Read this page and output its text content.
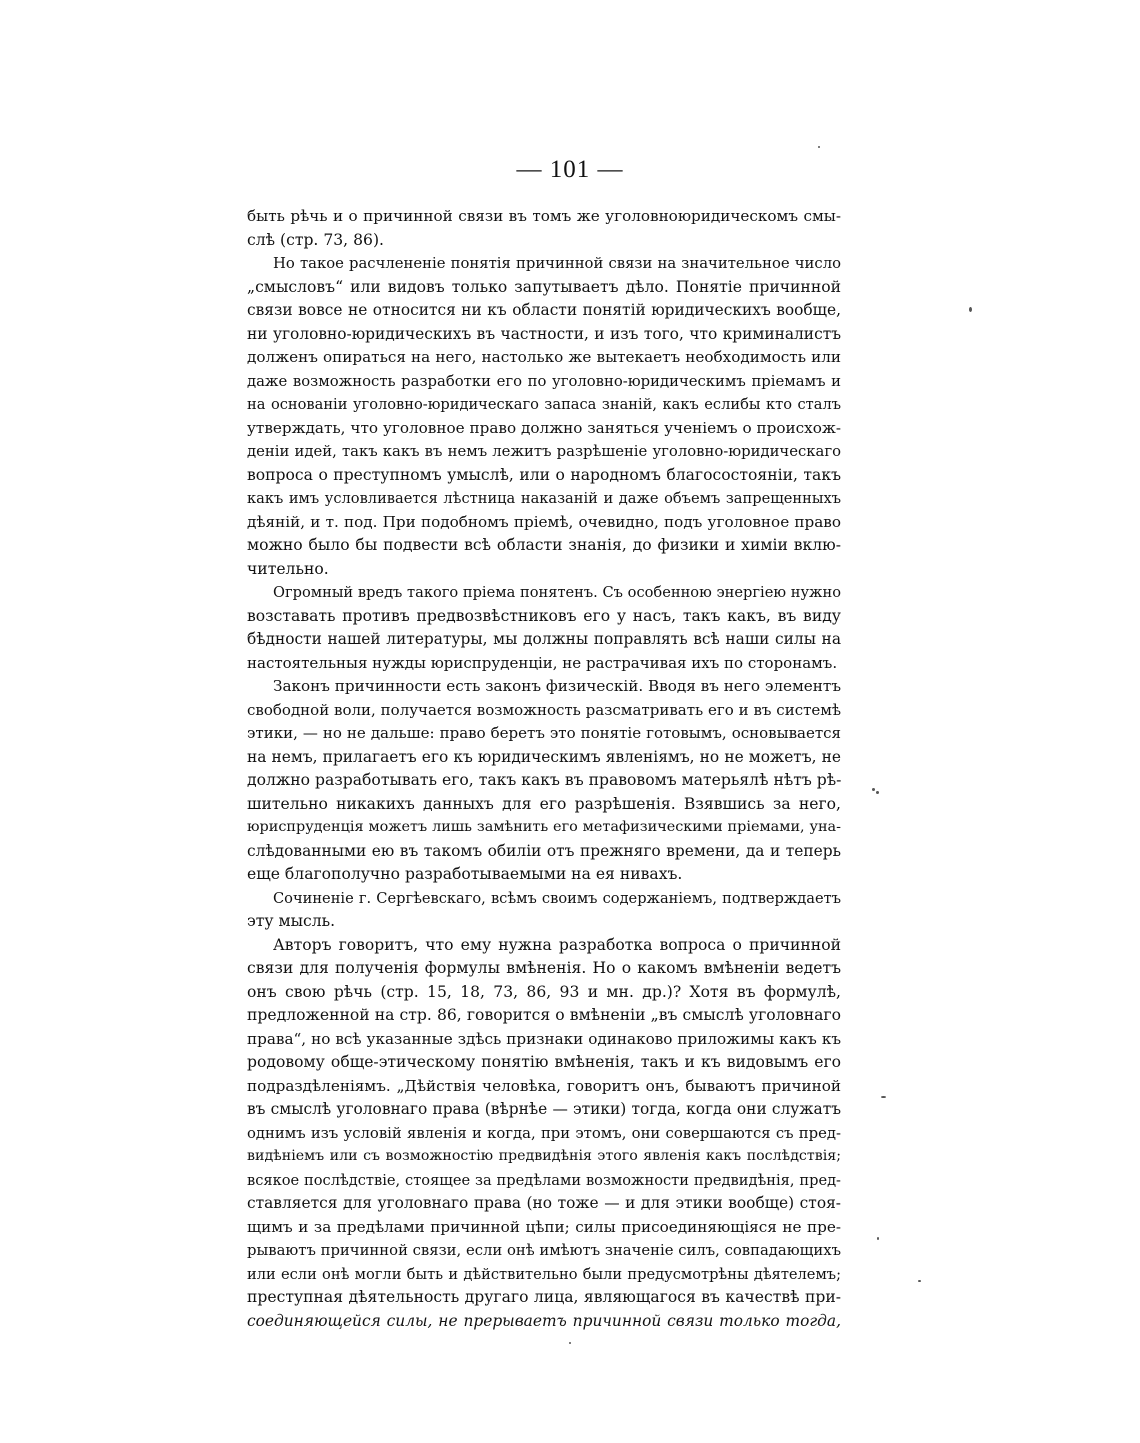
— 101 —
быть рѣчь и о причинной связи въ томъ же уголовноюридическомъ смы-
слѣ (стр. 73, 86).
Но такое расчлененіе понятія причинной связи на значительное число
„смысловъ“ или видовъ только запутываетъ дѣло. Понятіе причинной
связи вовсе не относится ни къ области понятій юридическихъ вообще,
ни уголовно-юридическихъ въ частности, и изъ того, что криминалистъ
долженъ опираться на него, настолько же вытекаетъ необходимость или
даже возможность разработки его по уголовно-юридическимъ пріемамъ и
на основаніи уголовно-юридическаго запаса знаній, какъ еслибы кто сталъ
утверждать, что уголовное право должно заняться ученіемъ о происхож-
деніи идей, такъ какъ въ немъ лежитъ разрѣшеніе уголовно-юридическаго
вопроса о преступномъ умыслѣ, или о народномъ благосостояніи, такъ
какъ имъ условливается лѣстница наказаній и даже объемъ запрещенныхъ
дѣяній, и т. под. При подобномъ пріемѣ, очевидно, подъ уголовное право
можно было бы подвести всѣ области знанія, до физики и химіи вклю-
чительно.
Огромный вредъ такого пріема понятенъ. Съ особенною энергіею нужно
возставать противъ предвозвѣстниковъ его у насъ, такъ какъ, въ виду
бѣдности нашей литературы, мы должны поправлять всѣ наши силы на
настоятельныя нужды юриспруденціи, не растрачивая ихъ по сторонамъ.
Законъ причинности есть законъ физическій. Вводя въ него элементъ
свободной воли, получается возможность разсматривать его и въ системѣ
этики, — но не дальше: право беретъ это понятіе готовымъ, основывается
на немъ, прилагаетъ его къ юридическимъ явленіямъ, но не можетъ, не
должно разработывать его, такъ какъ въ правовомъ матерьялѣ нѣтъ рѣ-
шительно никакихъ данныхъ для его разрѣшенія. Взявшись за него,
юриспруденція можетъ лишь замѣнить его метафизическими пріемами, уна-
слѣдованными ею въ такомъ обиліи отъ прежняго времени, да и теперь
еще благополучно разработываемыми на ея нивахъ.
Сочиненіе г. Сергѣевскаго, всѣмъ своимъ содержаніемъ, подтверждаетъ
эту мысль.
Авторъ говоритъ, что ему нужна разработка вопроса о причинной
связи для полученія формулы вмѣненія. Но о какомъ вмѣненіи ведетъ
онъ свою рѣчь (стр. 15, 18, 73, 86, 93 и мн. др.)? Хотя въ формулѣ,
предложенной на стр. 86, говорится о вмѣненіи „въ смыслѣ уголовнаго
права“, но всѣ указанные здѣсь признаки одинаково приложимы какъ къ
родовому обще-этическому понятію вмѣненія, такъ и къ видовымъ его
подраздѣленіямъ. „Дѣйствія человѣка, говоритъ онъ, бываютъ причиной
въ смыслѣ уголовнаго права (вѣрнѣе — этики) тогда, когда они служатъ
однимъ изъ условій явленія и когда, при этомъ, они совершаются съ пред-
видѣніемъ или съ возможностію предвидѣнія этого явленія какъ послѣдствія;
всякое послѣдствіе, стоящее за предѣлами возможности предвидѣнія, пред-
ставляется для уголовнаго права (но тоже — и для этики вообще) стоя-
щимъ и за предѣлами причинной цѣпи; силы присоединяющіяся не пре-
рываютъ причинной связи, если онѣ имѣютъ значеніе силъ, совпадающихъ
или если онѣ могли быть и дѣйствительно были предусмотрѣны дѣятелемъ;
преступная дѣятельность другаго лица, являющагося въ качествѣ при-
соединяющейся силы, не прерываетъ причинной связи только тогда,
